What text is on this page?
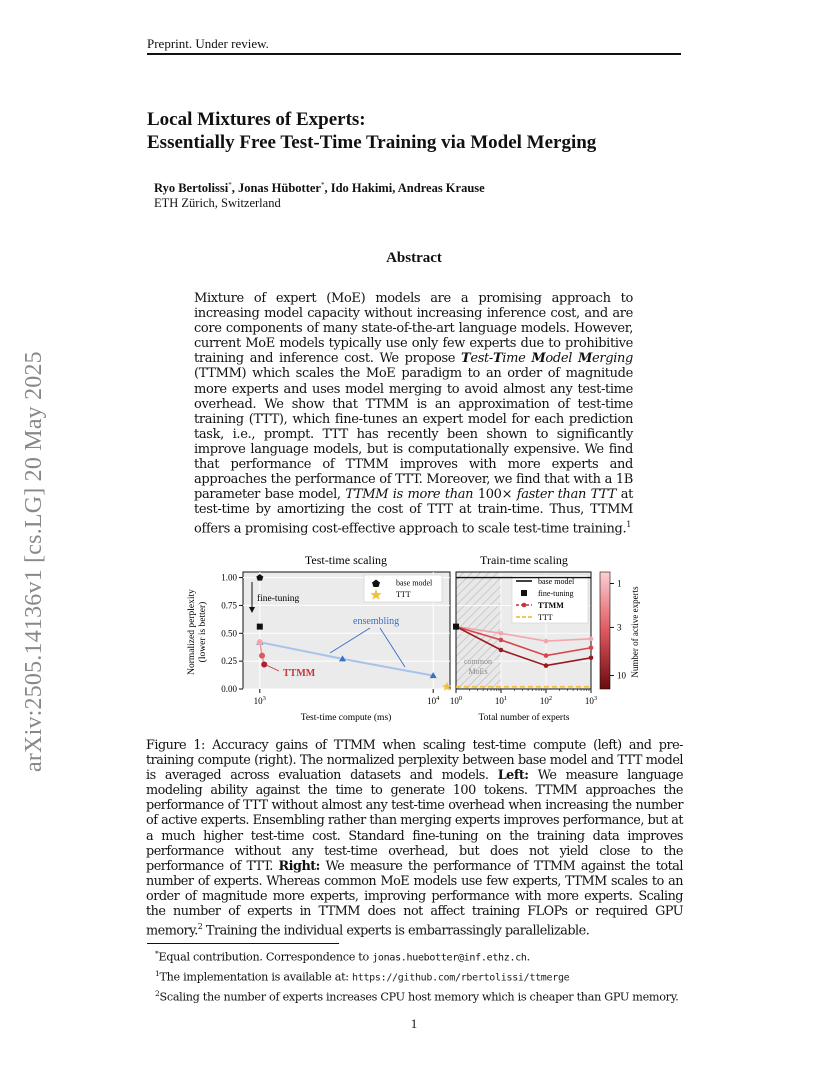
Preprint. Under review.
arXiv:2505.14136v1 [cs.LG] 20 May 2025
Local Mixtures of Experts:
Essentially Free Test-Time Training via Model Merging
Ryo Bertolissi*, Jonas Hübotter*, Ido Hakimi, Andreas Krause
ETH Zürich, Switzerland
Abstract
Mixture of expert (MoE) models are a promising approach to increasing model capacity without increasing inference cost, and are core components of many state-of-the-art language models. However, current MoE models typically use only few experts due to prohibitive training and inference cost. We propose Test-Time Model Merging (TTMM) which scales the MoE paradigm to an order of magnitude more experts and uses model merging to avoid almost any test-time overhead. We show that TTMM is an approximation of test-time training (TTT), which fine-tunes an expert model for each prediction task, i.e., prompt. TTT has recently been shown to significantly improve language models, but is computationally expensive. We find that performance of TTMM improves with more experts and approaches the performance of TTT. Moreover, we find that with a 1B parameter base model, TTMM is more than 100× faster than TTT at test-time by amortizing the cost of TTT at train-time. Thus, TTMM offers a promising cost-effective approach to scale test-time training.$^1$
Test-time scaling
1.00
0.75
0.50
0.25
0.00
$10^3$	$10^4$
Normalized perplexity (lower is better)
Test-time compute (ms)
base model
TTT
fine-tuning
ensembling
TTMM
Train-time scaling
common
MoEs
$10^0$	$10^1$	$10^2$	$10^3$
Total number of experts
base model
fine-tuning
TTMM
TTT
1
3
10 Number of active experts
Figure 1: Accuracy gains of TTMM when scaling test-time compute (left) and pre-training compute (right). The normalized perplexity between base model and TTT model is averaged across evaluation datasets and models. Left: We measure language modeling ability against the time to generate 100 tokens. TTMM approaches the performance of TTT without almost any test-time overhead when increasing the number of active experts. Ensembling rather than merging experts improves performance, but at a much higher test-time cost. Standard fine-tuning on the training data improves performance without any test-time overhead, but does not yield close to the performance of TTT. Right: We measure the performance of TTMM against the total number of experts. Whereas common MoE models use few experts, TTMM scales to an order of magnitude more experts, improving performance with more experts. Scaling the number of experts in TTMM does not affect training FLOPs or required GPU memory.$^2$ Training the individual experts is embarrassingly parallelizable.
*Equal contribution. Correspondence to jonas.huebotter@inf.ethz.ch.
$^1$The implementation is available at: https://github.com/rbertolissi/ttmerge
$^2$Scaling the number of experts increases CPU host memory which is cheaper than GPU memory.
1
